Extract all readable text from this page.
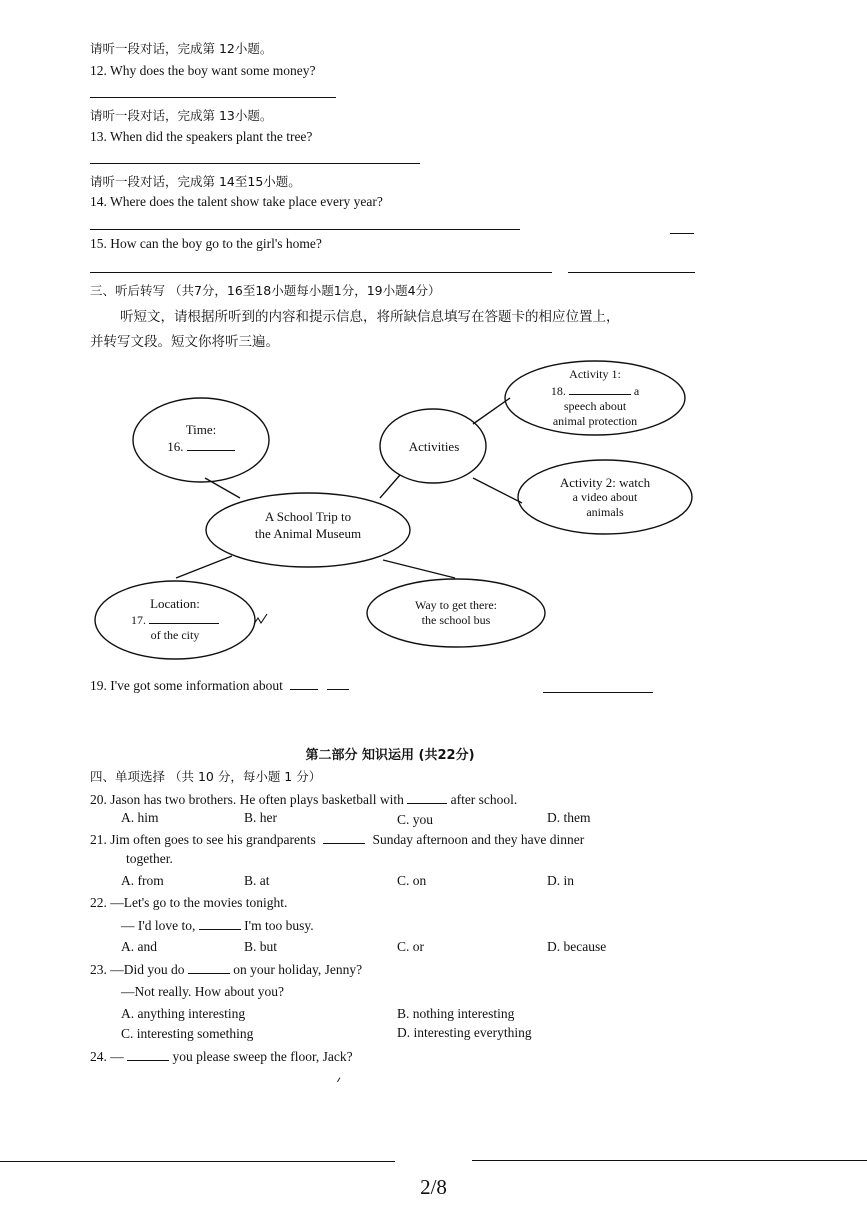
请听一段对话，完成第 12小题。
12. Why does the boy want some money?
请听一段对话，完成第 13小题。
13. When did the speakers plant the tree?
请听一段对话，完成第 14至15小题。
14. Where does the talent show take place every year?
15. How can the boy go to the girl's home?
三、听后转写 （共7分，16至18小题每小题1分，19小题4分）
听短文，请根据所听到的内容和提示信息，将所缺信息填写在答题卡的相应位置上，
并转写文段。短文你将听三遍。
A School Trip to
the Animal Museum
Time:
16.	Activities
Activity 1:
18.	a
speech about
animal protection
Activity 2: watch
a video about
animals
Location:
17.
of the city
Way to get there:
the school bus
19. I've got some information about
第二部分 知识运用 (共22分)
四、单项选择 （共 10 分，每小题 1 分）
20. Jason has two brothers. He often plays basketball with	after school.
A. him	B. her	C. you	D. them
21. Jim often goes to see his grandparents	Sunday afternoon and they have dinner
together.
A. from	B. at	C. on	D. in
22. —Let's go to the movies tonight.
— I'd love to,	I'm too busy.
A. and	B. but	C. or	D. because
23. —Did you do	on your holiday, Jenny?
—Not really. How about you?
A. anything interesting	B. nothing interesting
C. interesting something	D. interesting everything
24. —	you please sweep the floor, Jack?
2/8
